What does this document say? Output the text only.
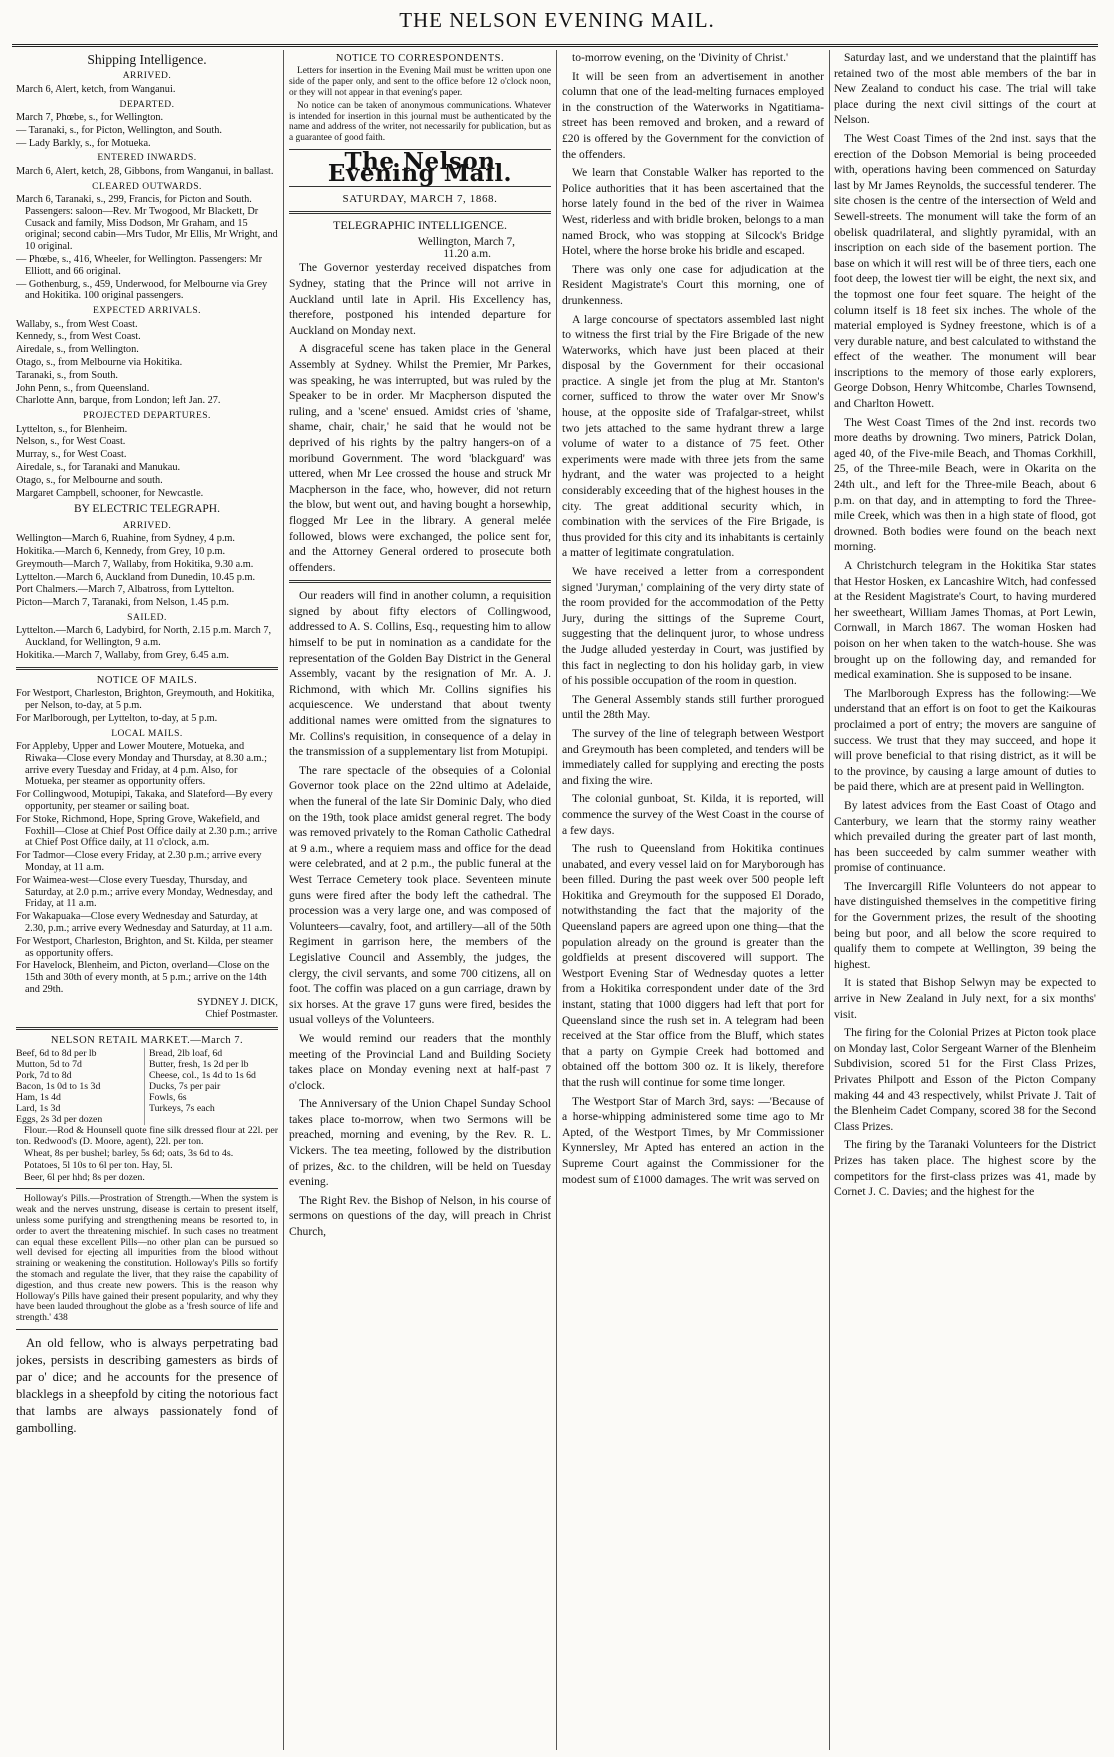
THE NELSON EVENING MAIL.
Shipping Intelligence.
ARRIVED.
March 6, Alert, ketch, from Wanganui.
DEPARTED.
March 7, Phœbe, s., for Wellington.
— Taranaki, s., for Picton, Wellington, and South.
— Lady Barkly, s., for Motueka.
ENTERED INWARDS.
March 6, Alert, ketch, 28, Gibbons, from Wanganui, in ballast.
CLEARED OUTWARDS.
March 6, Taranaki, s., 299, Francis, for Picton and South. Passengers: saloon—Rev. Mr Twogood, Mr Blackett, Dr Cusack and family, Miss Dodson, Mr Graham, and 15 original; second cabin—Mrs Tudor, Mr Ellis, Mr Wright, and 10 original.
— Phœbe, s., 416, Wheeler, for Wellington. Passengers: Mr Elliott, and 66 original.
— Gothenburg, s., 459, Underwood, for Melbourne via Grey and Hokitika. 100 original passengers.
EXPECTED ARRIVALS.
Wallaby, s., from West Coast.
Kennedy, s., from West Coast.
Airedale, s., from Wellington.
Otago, s., from Melbourne via Hokitika.
Taranaki, s., from South.
John Penn, s., from Queensland.
Charlotte Ann, barque, from London; left Jan. 27.
PROJECTED DEPARTURES.
Lyttelton, s., for Blenheim.
Nelson, s., for West Coast.
Murray, s., for West Coast.
Airedale, s., for Taranaki and Manukau.
Otago, s., for Melbourne and south.
Margaret Campbell, schooner, for Newcastle.
BY ELECTRIC TELEGRAPH.
ARRIVED.
Wellington—March 6, Ruahine, from Sydney, 4 p.m.
Hokitika.—March 6, Kennedy, from Grey, 10 p.m.
Greymouth—March 7, Wallaby, from Hokitika, 9.30 a.m.
Lyttelton.—March 6, Auckland from Dunedin, 10.45 p.m.
Port Chalmers.—March 7, Albatross, from Lyttelton.
Picton—March 7, Taranaki, from Nelson, 1.45 p.m.
SAILED.
Lyttelton.—March 6, Ladybird, for North, 2.15 p.m. March 7, Auckland, for Wellington, 9 a.m.
Hokitika.—March 7, Wallaby, from Grey, 6.45 a.m.
NOTICE OF MAILS.
For Westport, Charleston, Brighton, Greymouth, and Hokitika, per Nelson, to-day, at 5 p.m.
For Marlborough, per Lyttelton, to-day, at 5 p.m.
LOCAL MAILS.
For Appleby, Upper and Lower Moutere, Motueka, and Riwaka—Close every Monday and Thursday, at 8.30 a.m.; arrive every Tuesday and Friday, at 4 p.m. Also, for Motueka, per steamer as opportunity offers.
For Collingwood, Motupipi, Takaka, and Slateford—By every opportunity, per steamer or sailing boat.
For Stoke, Richmond, Hope, Spring Grove, Wakefield, and Foxhill—Close at Chief Post Office daily at 2.30 p.m.; arrive at Chief Post Office daily, at 11 o'clock, a.m.
For Tadmor—Close every Friday, at 2.30 p.m.; arrive every Monday, at 11 a.m.
For Waimea-west—Close every Tuesday, Thursday, and Saturday, at 2.0 p.m.; arrive every Monday, Wednesday, and Friday, at 11 a.m.
For Wakapuaka—Close every Wednesday and Saturday, at 2.30, p.m.; arrive every Wednesday and Saturday, at 11 a.m.
For Westport, Charleston, Brighton, and St. Kilda, per steamer as opportunity offers.
For Havelock, Blenheim, and Picton, overland—Close on the 15th and 30th of every month, at 5 p.m.; arrive on the 14th and 29th.

SYDNEY J. DICK,

Chief Postmaster.

NELSON RETAIL MARKET.—March 7.
Beef, 6d to 8d per lb
Mutton, 5d to 7d
Pork, 7d to 8d
Bacon, 1s 0d to 1s 3d
Ham, 1s 4d
Lard, 1s 3d
Eggs, 2s 3d per dozen
Bread, 2lb loaf, 6d
Butter, fresh, 1s 2d per lb
Cheese, col., 1s 4d to 1s 6d
Ducks, 7s per pair
Fowls, 6s
Turkeys, 7s each

Flour.—Rod & Hounsell quote fine silk dressed flour at 22l. per ton. Redwood's (D. Moore, agent), 22l. per ton.

Wheat, 8s per bushel; barley, 5s 6d; oats, 3s 6d to 4s.

Potatoes, 5l 10s to 6l per ton. Hay, 5l.

Beer, 6l per hhd; 8s per dozen.

Holloway's Pills.—Prostration of Strength.—When the system is weak and the nerves unstrung, disease is certain to present itself, unless some purifying and strengthening means be resorted to, in order to avert the threatening mischief. In such cases no treatment can equal these excellent Pills—no other plan can be pursued so well devised for ejecting all impurities from the blood without straining or weakening the constitution. Holloway's Pills so fortify the stomach and regulate the liver, that they raise the capability of digestion, and thus create new powers. This is the reason why Holloway's Pills have gained their present popularity, and why they have been lauded throughout the globe as a 'fresh source of life and strength.' 438

An old fellow, who is always perpetrating bad jokes, persists in describing gamesters as birds of par o' dice; and he accounts for the presence of blacklegs in a sheepfold by citing the notorious fact that lambs are always passionately fond of gambolling.

NOTICE TO CORRESPONDENTS.

Letters for insertion in the Evening Mail must be written upon one side of the paper only, and sent to the office before 12 o'clock noon, or they will not appear in that evening's paper.

No notice can be taken of anonymous communications. Whatever is intended for insertion in this journal must be authenticated by the name and address of the writer, not necessarily for publication, but as a guarantee of good faith.

The Nelson Evening Mail.
SATURDAY, MARCH 7, 1868.
TELEGRAPHIC INTELLIGENCE.

Wellington, March 7,

11.20 a.m.

The Governor yesterday received dispatches from Sydney, stating that the Prince will not arrive in Auckland until late in April. His Excellency has, therefore, postponed his intended departure for Auckland on Monday next.

A disgraceful scene has taken place in the General Assembly at Sydney. Whilst the Premier, Mr Parkes, was speaking, he was interrupted, but was ruled by the Speaker to be in order. Mr Macpherson disputed the ruling, and a 'scene' ensued. Amidst cries of 'shame, shame, chair, chair,' he said that he would not be deprived of his rights by the paltry hangers-on of a moribund Government. The word 'blackguard' was uttered, when Mr Lee crossed the house and struck Mr Macpherson in the face, who, however, did not return the blow, but went out, and having bought a horsewhip, flogged Mr Lee in the library. A general melée followed, blows were exchanged, the police sent for, and the Attorney General ordered to prosecute both offenders.

Our readers will find in another column, a requisition signed by about fifty electors of Collingwood, addressed to A. S. Collins, Esq., requesting him to allow himself to be put in nomination as a candidate for the representation of the Golden Bay District in the General Assembly, vacant by the resignation of Mr. A. J. Richmond, with which Mr. Collins signifies his acquiescence. We understand that about twenty additional names were omitted from the signatures to Mr. Collins's requisition, in consequence of a delay in the transmission of a supplementary list from Motupipi.

The rare spectacle of the obsequies of a Colonial Governor took place on the 22nd ultimo at Adelaide, when the funeral of the late Sir Dominic Daly, who died on the 19th, took place amidst general regret. The body was removed privately to the Roman Catholic Cathedral at 9 a.m., where a requiem mass and office for the dead were celebrated, and at 2 p.m., the public funeral at the West Terrace Cemetery took place. Seventeen minute guns were fired after the body left the cathedral. The procession was a very large one, and was composed of Volunteers—cavalry, foot, and artillery—all of the 50th Regiment in garrison here, the members of the Legislative Council and Assembly, the judges, the clergy, the civil servants, and some 700 citizens, all on foot. The coffin was placed on a gun carriage, drawn by six horses. At the grave 17 guns were fired, besides the usual volleys of the Volunteers.

We would remind our readers that the monthly meeting of the Provincial Land and Building Society takes place on Monday evening next at half-past 7 o'clock.

The Anniversary of the Union Chapel Sunday School takes place to-morrow, when two Sermons will be preached, morning and evening, by the Rev. R. L. Vickers. The tea meeting, followed by the distribution of prizes, &c. to the children, will be held on Tuesday evening.

The Right Rev. the Bishop of Nelson, in his course of sermons on questions of the day, will preach in Christ Church,

to-morrow evening, on the 'Divinity of Christ.'

It will be seen from an advertisement in another column that one of the lead-melting furnaces employed in the construction of the Waterworks in Ngatitiama-street has been removed and broken, and a reward of £20 is offered by the Government for the conviction of the offenders.

We learn that Constable Walker has reported to the Police authorities that it has been ascertained that the horse lately found in the bed of the river in Waimea West, riderless and with bridle broken, belongs to a man named Brock, who was stopping at Silcock's Bridge Hotel, where the horse broke his bridle and escaped.

There was only one case for adjudication at the Resident Magistrate's Court this morning, one of drunkenness.

A large concourse of spectators assembled last night to witness the first trial by the Fire Brigade of the new Waterworks, which have just been placed at their disposal by the Government for their occasional practice. A single jet from the plug at Mr. Stanton's corner, sufficed to throw the water over Mr Snow's house, at the opposite side of Trafalgar-street, whilst two jets attached to the same hydrant threw a large volume of water to a distance of 75 feet. Other experiments were made with three jets from the same hydrant, and the water was projected to a height considerably exceeding that of the highest houses in the city. The great additional security which, in combination with the services of the Fire Brigade, is thus provided for this city and its inhabitants is certainly a matter of legitimate congratulation.

We have received a letter from a correspondent signed 'Juryman,' complaining of the very dirty state of the room provided for the accommodation of the Petty Jury, during the sittings of the Supreme Court, suggesting that the delinquent juror, to whose undress the Judge alluded yesterday in Court, was justified by this fact in neglecting to don his holiday garb, in view of his possible occupation of the room in question.

The General Assembly stands still further prorogued until the 28th May.

The survey of the line of telegraph between Westport and Greymouth has been completed, and tenders will be immediately called for supplying and erecting the posts and fixing the wire.

The colonial gunboat, St. Kilda, it is reported, will commence the survey of the West Coast in the course of a few days.

The rush to Queensland from Hokitika continues unabated, and every vessel laid on for Maryborough has been filled. During the past week over 500 people left Hokitika and Greymouth for the supposed El Dorado, notwithstanding the fact that the majority of the Queensland papers are agreed upon one thing—that the population already on the ground is greater than the goldfields at present discovered will support. The Westport Evening Star of Wednesday quotes a letter from a Hokitika correspondent under date of the 3rd instant, stating that 1000 diggers had left that port for Queensland since the rush set in. A telegram had been received at the Star office from the Bluff, which states that a party on Gympie Creek had bottomed and obtained off the bottom 300 oz. It is likely, therefore that the rush will continue for some time longer.

The Westport Star of March 3rd, says: —'Because of a horse-whipping administered some time ago to Mr Apted, of the Westport Times, by Mr Commissioner Kynnersley, Mr Apted has entered an action in the Supreme Court against the Commissioner for the modest sum of £1000 damages. The writ was served on

Saturday last, and we understand that the plaintiff has retained two of the most able members of the bar in New Zealand to conduct his case. The trial will take place during the next civil sittings of the court at Nelson.

The West Coast Times of the 2nd inst. says that the erection of the Dobson Memorial is being proceeded with, operations having been commenced on Saturday last by Mr James Reynolds, the successful tenderer. The site chosen is the centre of the intersection of Weld and Sewell-streets. The monument will take the form of an obelisk quadrilateral, and slightly pyramidal, with an inscription on each side of the basement portion. The base on which it will rest will be of three tiers, each one foot deep, the lowest tier will be eight, the next six, and the topmost one four feet square. The height of the column itself is 18 feet six inches. The whole of the material employed is Sydney freestone, which is of a very durable nature, and best calculated to withstand the effect of the weather. The monument will bear inscriptions to the memory of those early explorers, George Dobson, Henry Whitcombe, Charles Townsend, and Charlton Howett.

The West Coast Times of the 2nd inst. records two more deaths by drowning. Two miners, Patrick Dolan, aged 40, of the Five-mile Beach, and Thomas Corkhill, 25, of the Three-mile Beach, were in Okarita on the 24th ult., and left for the Three-mile Beach, about 6 p.m. on that day, and in attempting to ford the Three-mile Creek, which was then in a high state of flood, got drowned. Both bodies were found on the beach next morning.

A Christchurch telegram in the Hokitika Star states that Hestor Hosken, ex Lancashire Witch, had confessed at the Resident Magistrate's Court, to having murdered her sweetheart, William James Thomas, at Port Lewin, Cornwall, in March 1867. The woman Hosken had poison on her when taken to the watch-house. She was brought up on the following day, and remanded for medical examination. She is supposed to be insane.

The Marlborough Express has the following:—We understand that an effort is on foot to get the Kaikouras proclaimed a port of entry; the movers are sanguine of success. We trust that they may succeed, and hope it will prove beneficial to that rising district, as it will be to the province, by causing a large amount of duties to be paid there, which are at present paid in Wellington.

By latest advices from the East Coast of Otago and Canterbury, we learn that the stormy rainy weather which prevailed during the greater part of last month, has been succeeded by calm summer weather with promise of continuance.

The Invercargill Rifle Volunteers do not appear to have distinguished themselves in the competitive firing for the Government prizes, the result of the shooting being but poor, and all below the score required to qualify them to compete at Wellington, 39 being the highest.

It is stated that Bishop Selwyn may be expected to arrive in New Zealand in July next, for a six months' visit.

The firing for the Colonial Prizes at Picton took place on Monday last, Color Sergeant Warner of the Blenheim Subdivision, scored 51 for the First Class Prizes, Privates Philpott and Esson of the Picton Company making 44 and 43 respectively, whilst Private J. Tait of the Blenheim Cadet Company, scored 38 for the Second Class Prizes.

The firing by the Taranaki Volunteers for the District Prizes has taken place. The highest score by the competitors for the first-class prizes was 41, made by Cornet J. C. Davies; and the highest for the
